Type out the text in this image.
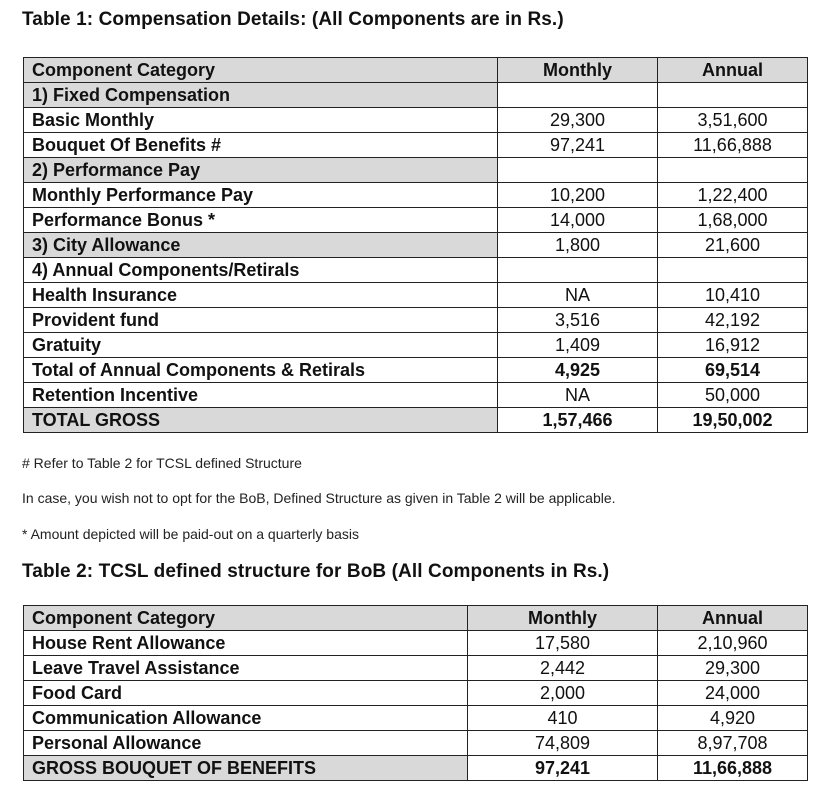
Table 1: Compensation Details: (All Components are in Rs.)
Component Category	Monthly	Annual
1) Fixed Compensation		
Basic Monthly	29,300	3,51,600
Bouquet Of Benefits #	97,241	11,66,888
2) Performance Pay		
Monthly Performance Pay	10,200	1,22,400
Performance Bonus *	14,000	1,68,000
3) City Allowance	1,800	21,600
4) Annual Components/Retirals		
Health Insurance	NA	10,410
Provident fund	3,516	42,192
Gratuity	1,409	16,912
Total of Annual Components & Retirals	4,925	69,514
Retention Incentive	NA	50,000
TOTAL GROSS	1,57,466	19,50,002

# Refer to Table 2 for TCSL defined Structure

In case, you wish not to opt for the BoB, Defined Structure as given in Table 2 will be applicable.

* Amount depicted will be paid-out on a quarterly basis

Table 2: TCSL defined structure for BoB (All Components in Rs.)
Component Category	Monthly	Annual
House Rent Allowance	17,580	2,10,960
Leave Travel Assistance	2,442	29,300
Food Card	2,000	24,000
Communication Allowance	410	4,920
Personal Allowance	74,809	8,97,708
GROSS BOUQUET OF BENEFITS	97,241	11,66,888
